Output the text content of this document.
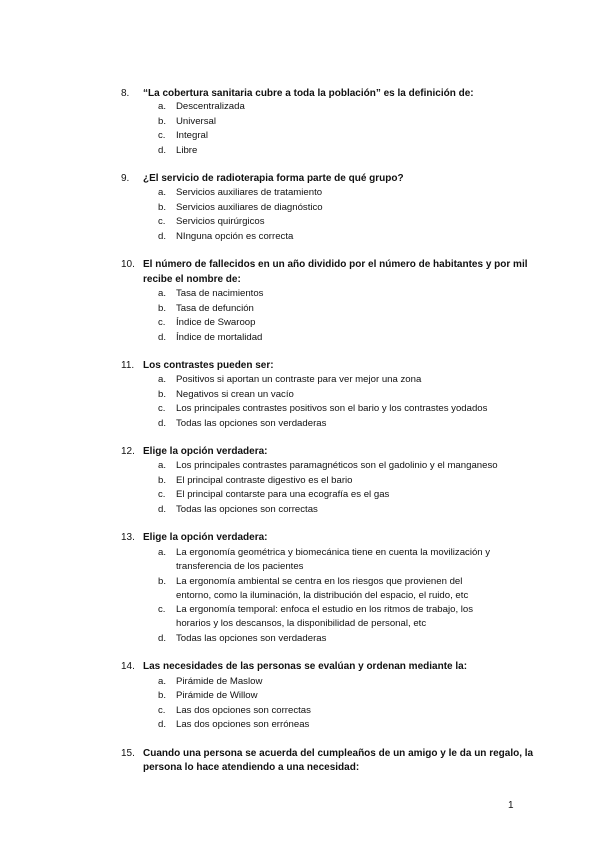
8. “La cobertura sanitaria cubre a toda la población” es la definición de:
a. Descentralizada
b. Universal
c. Integral
d. Libre
9. ¿El servicio de radioterapia forma parte de qué grupo?
a. Servicios auxiliares de tratamiento
b. Servicios auxiliares de diagnóstico
c. Servicios quirúrgicos
d. NInguna opción es correcta
10. El número de fallecidos en un año dividido por el número de habitantes y por mil
recibe el nombre de:
a. Tasa de nacimientos
b. Tasa de defunción
c. Índice de Swaroop
d. Índice de mortalidad
11. Los contrastes pueden ser:
a. Positivos si aportan un contraste para ver mejor una zona
b. Negativos si crean un vacío
c. Los principales contrastes positivos son el bario y los contrastes yodados
d. Todas las opciones son verdaderas
12. Elige la opción verdadera:
a. Los principales contrastes paramagnéticos son el gadolinio y el manganeso
b. El principal contraste digestivo es el bario
c. El principal contarste para una ecografía es el gas
d. Todas las opciones son correctas
13. Elige la opción verdadera:
a. La ergonomía geométrica y biomecánica tiene en cuenta la movilización y
transferencia de los pacientes
b. La ergonomía ambiental se centra en los riesgos que provienen del
entorno, como la iluminación, la distribución del espacio, el ruido, etc
c. La ergonomía temporal: enfoca el estudio en los ritmos de trabajo, los
horarios y los descansos, la disponibilidad de personal, etc
d. Todas las opciones son verdaderas
14. Las necesidades de las personas se evalúan y ordenan mediante la:
a. Pirámide de Maslow
b. Pirámide de Willow
c. Las dos opciones son correctas
d. Las dos opciones son erróneas
15. Cuando una persona se acuerda del cumpleaños de un amigo y le da un regalo, la
persona lo hace atendiendo a una necesidad:
1
